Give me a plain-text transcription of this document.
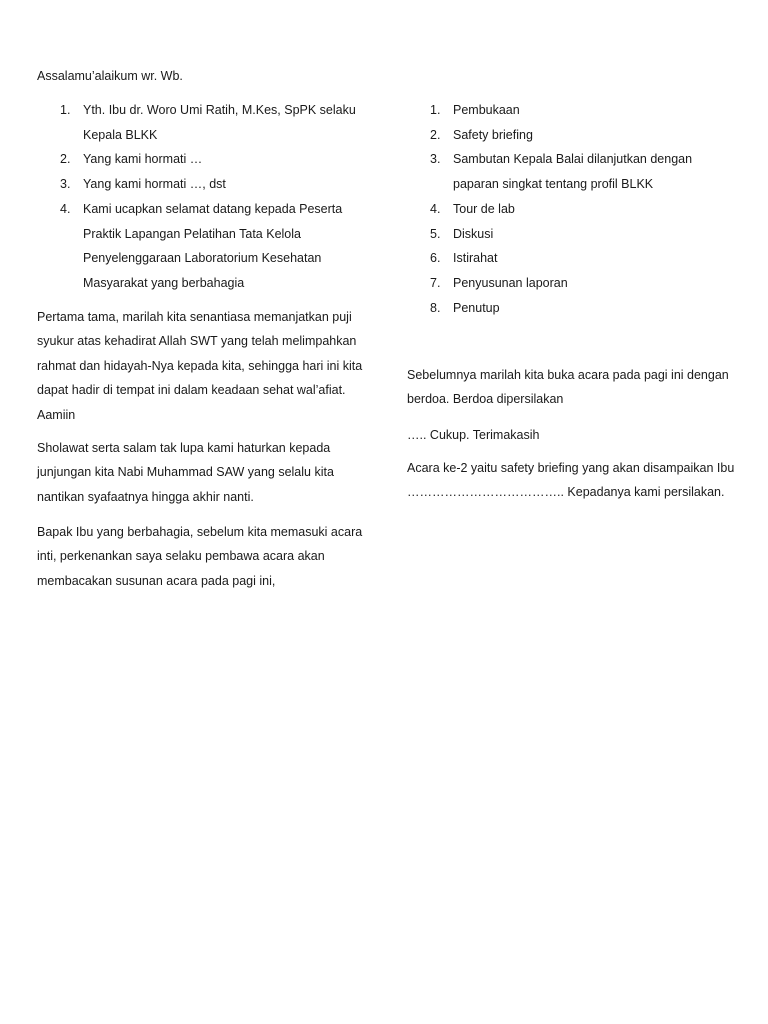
Assalamu’alaikum wr. Wb.
1. Yth. Ibu dr. Woro Umi Ratih, M.Kes, SpPK selaku Kepala BLKK
2. Yang kami hormati …
3. Yang kami hormati …, dst
4. Kami ucapkan selamat datang kepada Peserta Praktik Lapangan Pelatihan Tata Kelola Penyelenggaraan Laboratorium Kesehatan Masyarakat yang berbahagia

Pertama tama, marilah kita senantiasa memanjatkan puji syukur atas kehadirat Allah SWT yang telah melimpahkan rahmat dan hidayah-Nya kepada kita, sehingga hari ini kita dapat hadir di tempat ini dalam keadaan sehat wal’afiat. Aamiin

Sholawat serta salam tak lupa kami haturkan kepada junjungan kita Nabi Muhammad SAW yang selalu kita nantikan syafaatnya hingga akhir nanti.

Bapak Ibu yang berbahagia, sebelum kita memasuki acara inti, perkenankan saya selaku pembawa acara akan membacakan susunan acara pada pagi ini,

1. Pembukaan
2. Safety briefing
3. Sambutan Kepala Balai dilanjutkan dengan paparan singkat tentang profil BLKK
4. Tour de lab
5. Diskusi
6. Istirahat
7. Penyusunan laporan
8. Penutup

Sebelumnya marilah kita buka acara pada pagi ini dengan berdoa. Berdoa dipersilakan

….. Cukup. Terimakasih

Acara ke-2 yaitu safety briefing yang akan disampaikan Ibu ……………………………….. Kepadanya kami persilakan.
